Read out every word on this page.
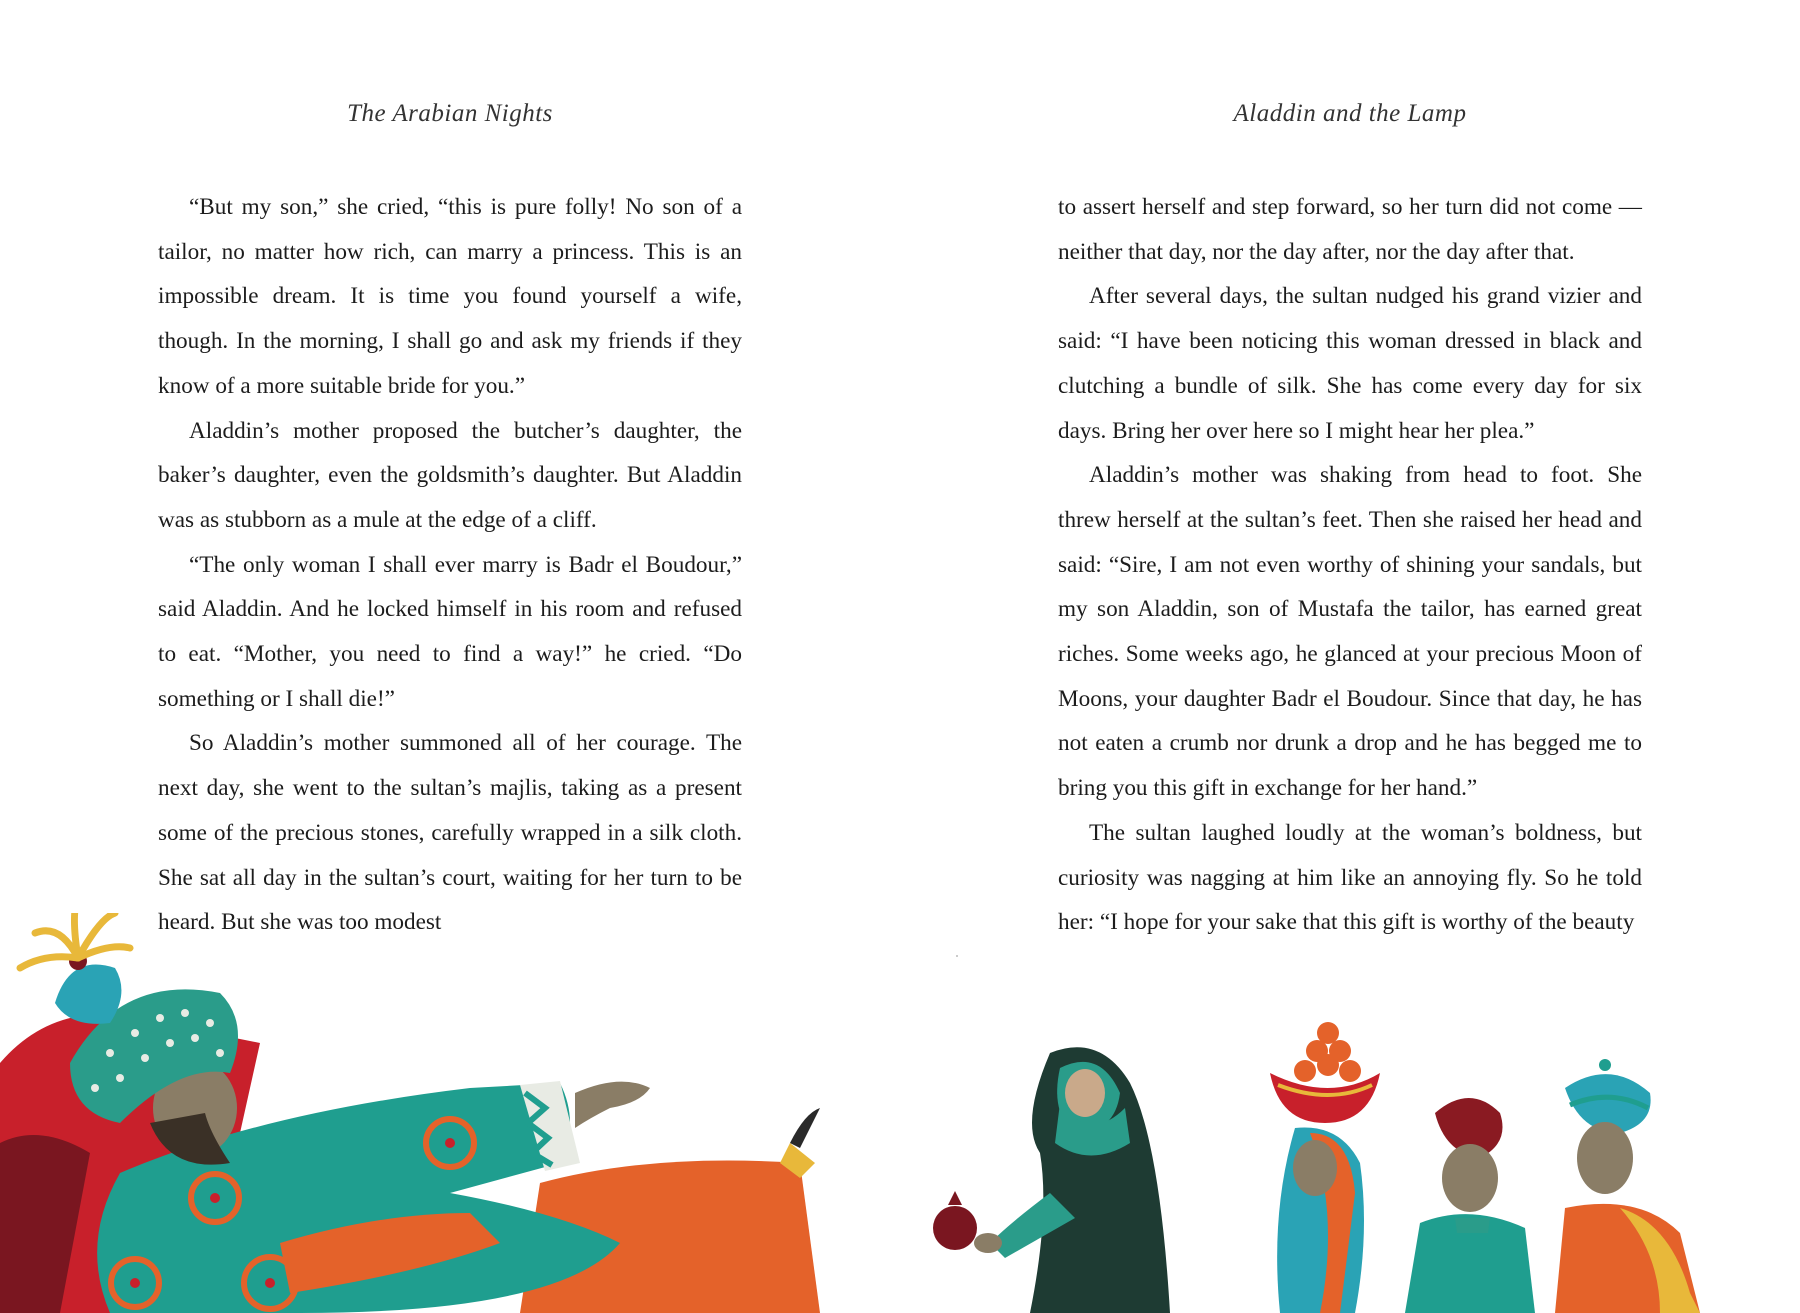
The Arabian Nights

“But my son,” she cried, “this is pure folly! No son of a tailor, no matter how rich, can marry a princess. This is an impossible dream. It is time you found yourself a wife, though. In the morning, I shall go and ask my friends if they know of a more suitable bride for you.”

Aladdin’s mother proposed the butcher’s daughter, the baker’s daughter, even the goldsmith’s daughter. But Aladdin was as stubborn as a mule at the edge of a cliff.

“The only woman I shall ever marry is Badr el Boudour,” said Aladdin. And he locked himself in his room and refused to eat. “Mother, you need to find a way!” he cried. “Do something or I shall die!”

So Aladdin’s mother summoned all of her courage. The next day, she went to the sultan’s majlis, taking as a present some of the precious stones, carefully wrapped in a silk cloth. She sat all day in the sultan’s court, waiting for her turn to be heard. But she was too modest

Aladdin and the Lamp

to assert herself and step forward, so her turn did not come — neither that day, nor the day after, nor the day after that.

After several days, the sultan nudged his grand vizier and said: “I have been noticing this woman dressed in black and clutching a bundle of silk. She has come every day for six days. Bring her over here so I might hear her plea.”

Aladdin’s mother was shaking from head to foot. She threw herself at the sultan’s feet. Then she raised her head and said: “Sire, I am not even worthy of shining your sandals, but my son Aladdin, son of Mustafa the tailor, has earned great riches. Some weeks ago, he glanced at your precious Moon of Moons, your daughter Badr el Boudour. Since that day, he has not eaten a crumb nor drunk a drop and he has begged me to bring you this gift in exchange for her hand.”

The sultan laughed loudly at the woman’s boldness, but curiosity was nagging at him like an annoying fly. So he told her: “I hope for your sake that this gift is worthy of the beauty
